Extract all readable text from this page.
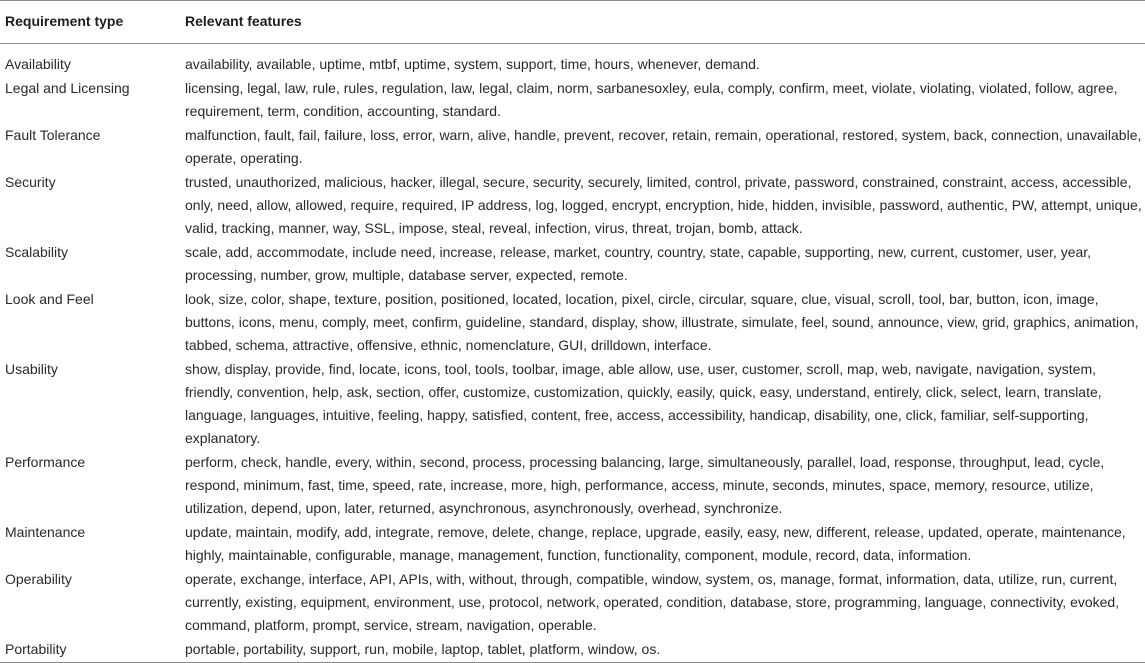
Requirement type	Relevant features
Availability	availability, available, uptime, mtbf, uptime, system, support, time, hours, whenever, demand.
Legal and Licensing	licensing, legal, law, rule, rules, regulation, law, legal, claim, norm, sarbanesoxley, eula, comply, confirm, meet, violate, violating, violated, follow, agree, requirement, term, condition, accounting, standard.
Fault Tolerance	malfunction, fault, fail, failure, loss, error, warn, alive, handle, prevent, recover, retain, remain, operational, restored, system, back, connection, unavailable, operate, operating.
Security	trusted, unauthorized, malicious, hacker, illegal, secure, security, securely, limited, control, private, password, constrained, constraint, access, accessible, only, need, allow, allowed, require, required, IP address, log, logged, encrypt, encryption, hide, hidden, invisible, password, authentic, PW, attempt, unique, valid, tracking, manner, way, SSL, impose, steal, reveal, infection, virus, threat, trojan, bomb, attack.
Scalability	scale, add, accommodate, include need, increase, release, market, country, country, state, capable, supporting, new, current, customer, user, year, processing, number, grow, multiple, database server, expected, remote.
Look and Feel	look, size, color, shape, texture, position, positioned, located, location, pixel, circle, circular, square, clue, visual, scroll, tool, bar, button, icon, image, buttons, icons, menu, comply, meet, confirm, guideline, standard, display, show, illustrate, simulate, feel, sound, announce, view, grid, graphics, animation, tabbed, schema, attractive, offensive, ethnic, nomenclature, GUI, drilldown, interface.
Usability	show, display, provide, find, locate, icons, tool, tools, toolbar, image, able allow, use, user, customer, scroll, map, web, navigate, navigation, system, friendly, convention, help, ask, section, offer, customize, customization, quickly, easily, quick, easy, understand, entirely, click, select, learn, translate, language, languages, intuitive, feeling, happy, satisfied, content, free, access, accessibility, handicap, disability, one, click, familiar, self-supporting, explanatory.
Performance	perform, check, handle, every, within, second, process, processing balancing, large, simultaneously, parallel, load, response, throughput, lead, cycle, respond, minimum, fast, time, speed, rate, increase, more, high, performance, access, minute, seconds, minutes, space, memory, resource, utilize, utilization, depend, upon, later, returned, asynchronous, asynchronously, overhead, synchronize.
Maintenance	update, maintain, modify, add, integrate, remove, delete, change, replace, upgrade, easily, easy, new, different, release, updated, operate, maintenance, highly, maintainable, configurable, manage, management, function, functionality, component, module, record, data, information.
Operability	operate, exchange, interface, API, APIs, with, without, through, compatible, window, system, os, manage, format, information, data, utilize, run, current, currently, existing, equipment, environment, use, protocol, network, operated, condition, database, store, programming, language, connectivity, evoked, command, platform, prompt, service, stream, navigation, operable.
Portability	portable, portability, support, run, mobile, laptop, tablet, platform, window, os.
